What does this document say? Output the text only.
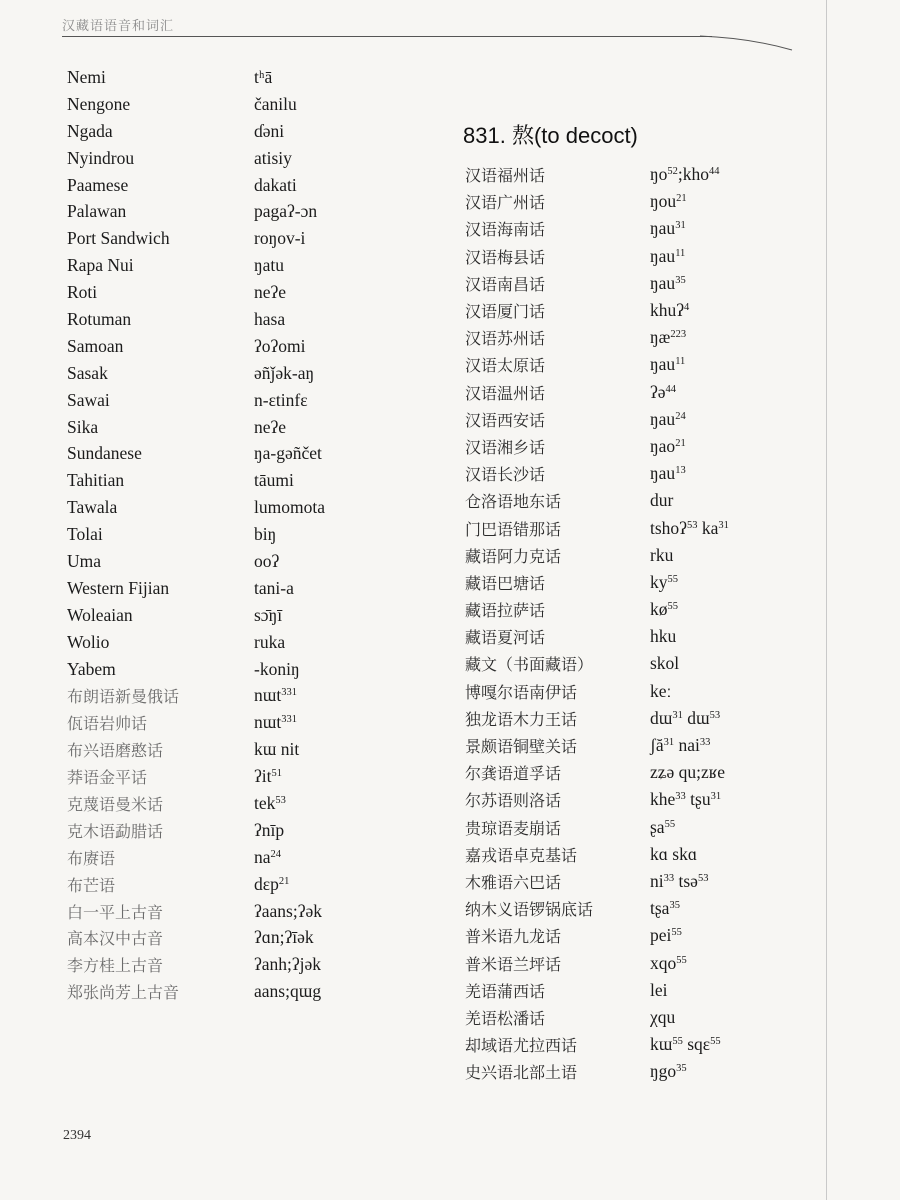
汉藏语语音和词汇
Nemi	tʰā
Nengone	čanilu
Ngada	ɗəni
Nyindrou	atisiy
Paamese	dakati
Palawan	pagaʔ-ɔn
Port Sandwich	roŋov-i
Rapa Nui	ŋatu
Roti	neʔe
Rotuman	hasa
Samoan	ʔoʔomi
Sasak	əñǰək-aŋ
Sawai	n-ɛtinfɛ
Sika	neʔe
Sundanese	ŋa-gəñčet
Tahitian	tāumi
Tawala	lumomota
Tolai	biŋ
Uma	ooʔ
Western Fijian	tani-a
Woleaian	sɔ̄ŋī
Wolio	ruka
Yabem	-koniŋ
布朗语新曼俄话	nɯt$^{331}$
佤语岩帅话	nɯt$^{331}$
布兴语磨憨话	kɯ nit
莽语金平话	ʔit$^{51}$
克蔑语曼米话	tek$^{53}$
克木语勐腊话	ʔnīp
布赓语	$na^{24}$
布芒语	dɛp$^{21}$
白一平上古音	ʔaans;ʔək
高本汉中古音	ʔɑn;ʔīək
李方桂上古音	ʔanh;ʔjək
郑张尚芳上古音	aans;qɯg
831. 熬(to decoct)
汉语福州话	$ŋo^{52};kho^{44}$
汉语广州话	ŋou$^{21}$
汉语海南话	ŋau$^{31}$
汉语梅县话	ŋau$^{11}$
汉语南昌话	ŋau$^{35}$
汉语厦门话	khuʔ$^4$
汉语苏州话	$ŋæ^{223}$
汉语太原话	ŋau$^{11}$
汉语温州话	ʔə$^{44}$
汉语西安话	ŋau$^{24}$
汉语湘乡话	ŋao$^{21}$
汉语长沙话	ŋau$^{13}$
仓洛语地东话	dur
门巴语错那话	tshoʔ$^{53}$ $ka^{31}$
藏语阿力克话	rku
藏语巴塘话	$ky^{55}$
藏语拉萨话	$kø^{55}$
藏语夏河话	hku
藏文（书面藏语）	skol
博嘎尔语南伊话	keː
独龙语木力王话	dɯ$^{31}$ dɯ$^{53}$
景颇语铜壁关话	ʃă$^{31}$ nai$^{33}$
尔龚语道孚话	zʑə qu;zʁe
尔苏语则洛话	khe$^{33}$ tʂu$^{31}$
贵琼语麦崩话	ʂa$^{55}$
嘉戎语卓克基话	kɑ skɑ
木雅语六巴话	$ni^{33}$ tsə$^{53}$
纳木义语锣锅底话	tʂa$^{35}$
普米语九龙话	pei$^{55}$
普米语兰坪话	xqo$^{55}$
羌语蒲西话	lei
羌语松潘话	χqu
却域语尤拉西话	kɯ$^{55}$ sqɛ$^{55}$
史兴语北部土语	ŋgo$^{35}$
2394
